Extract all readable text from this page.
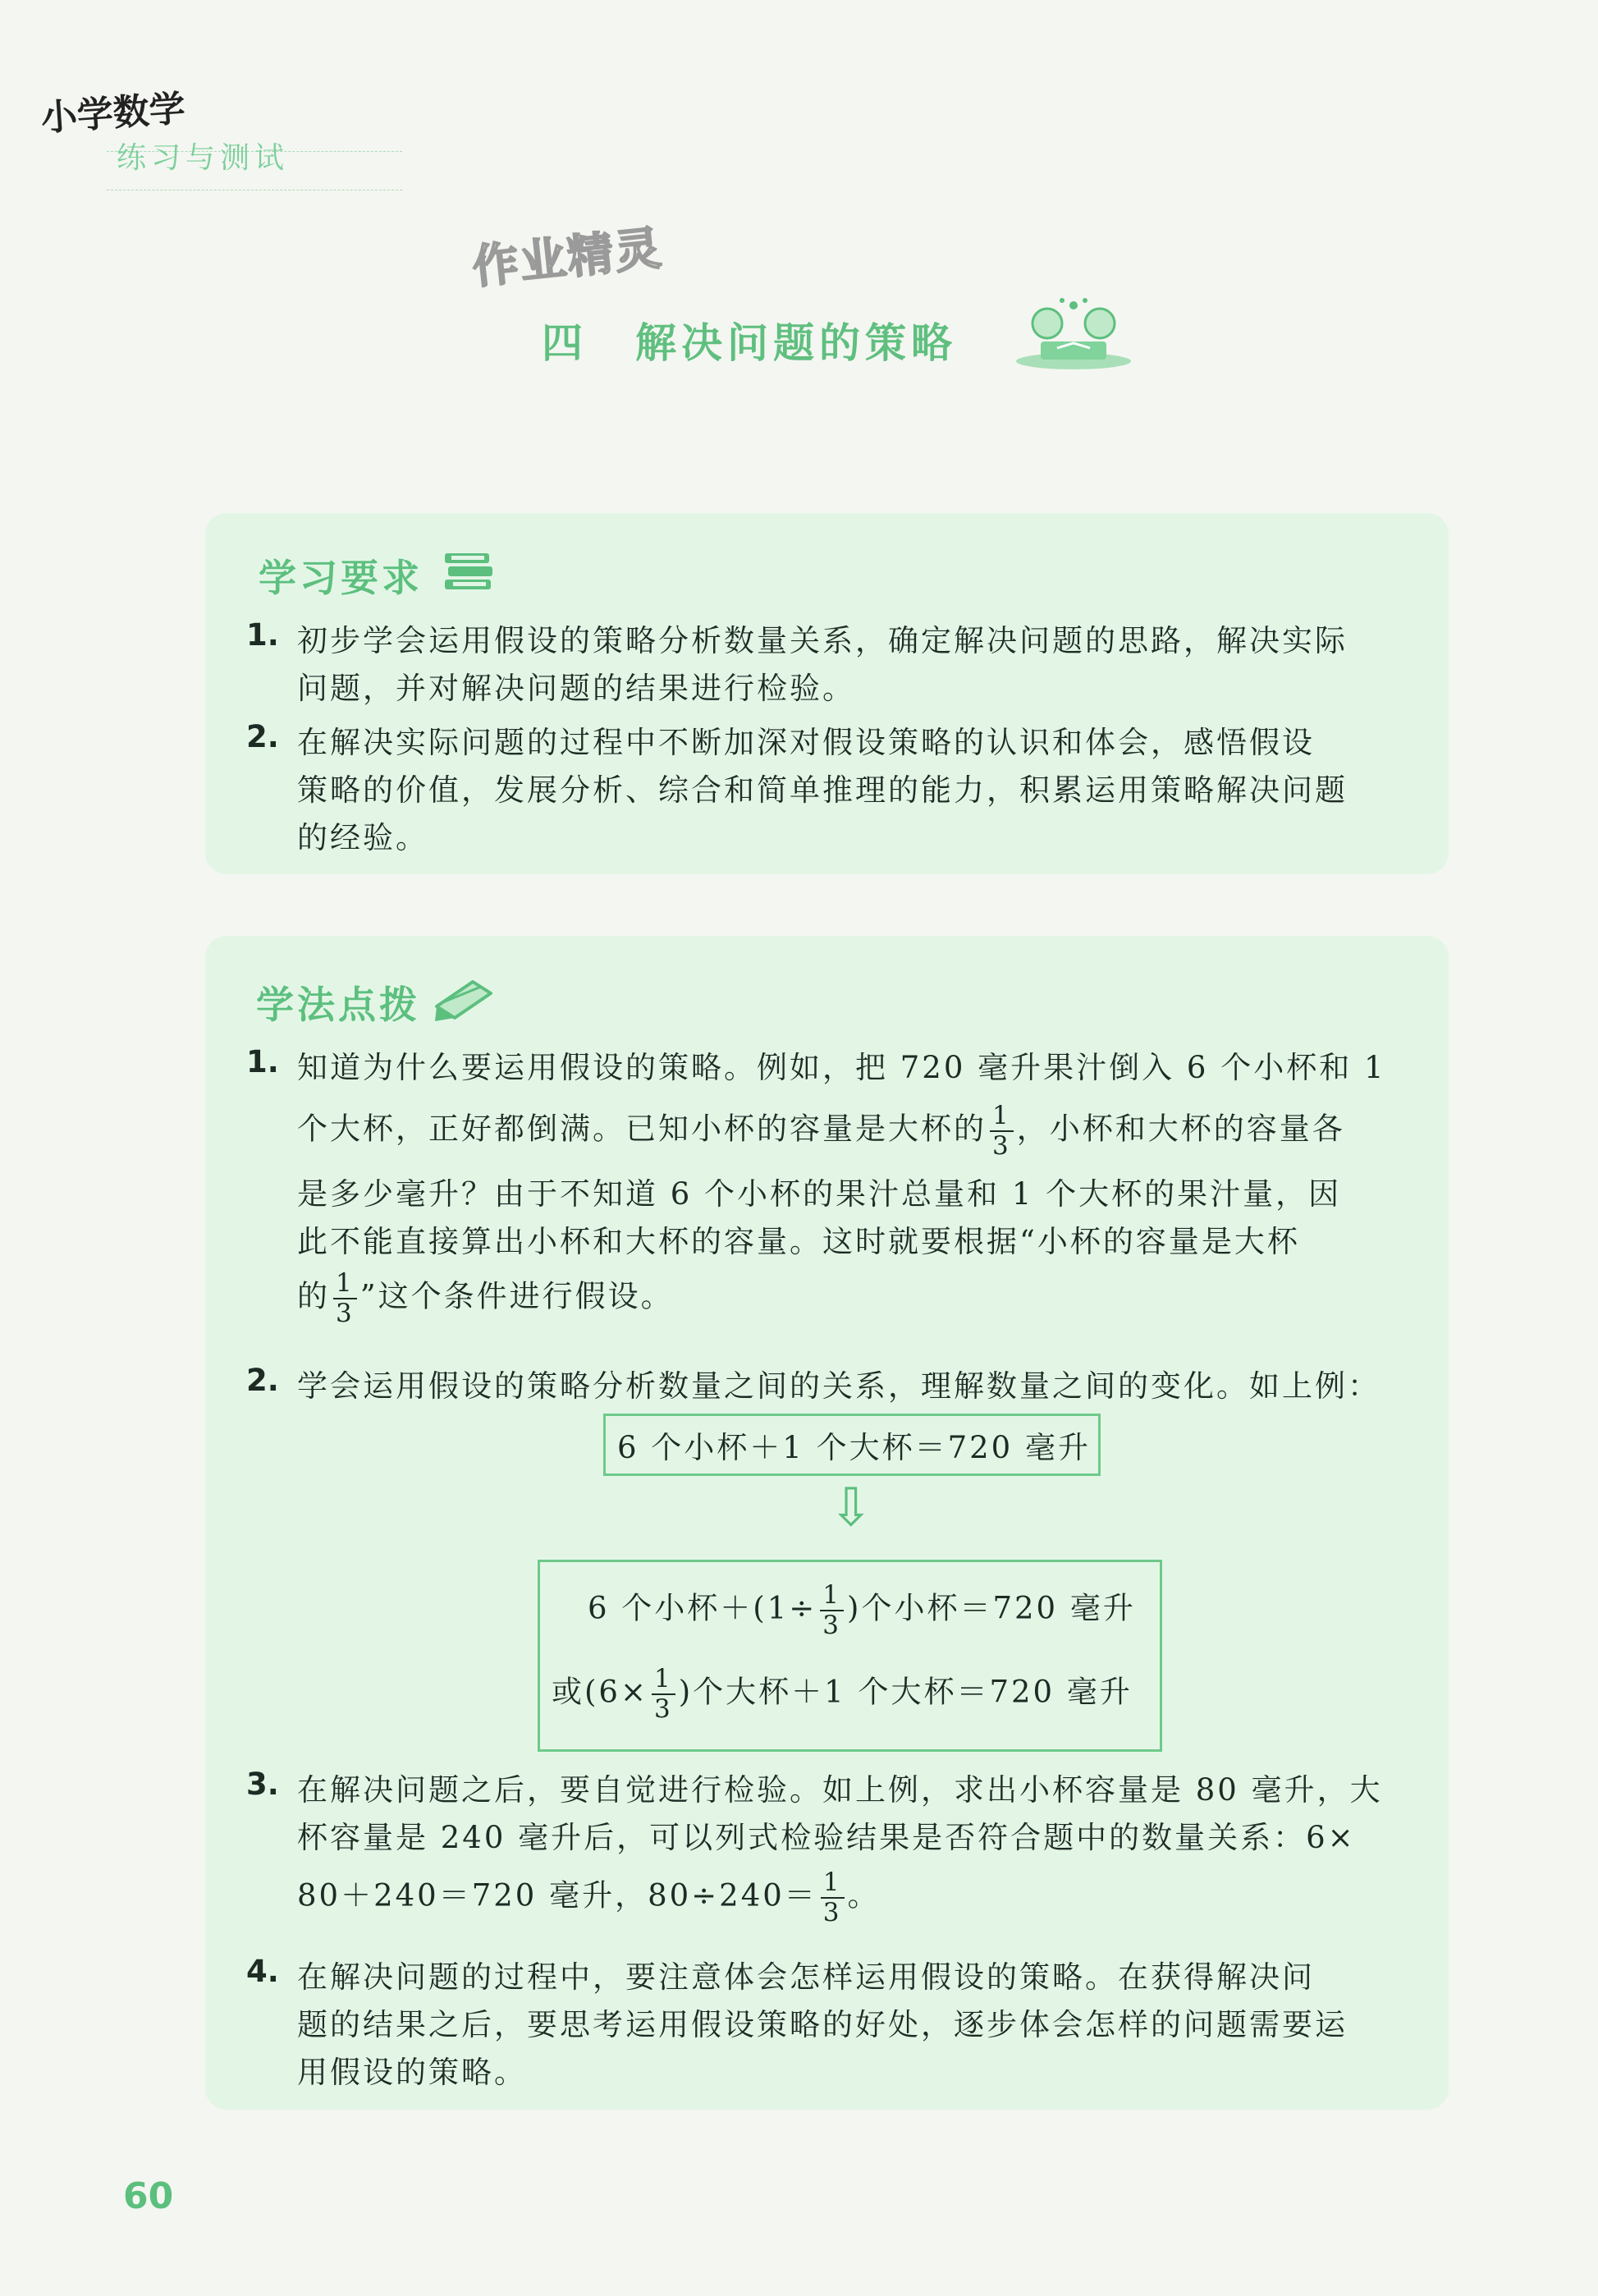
小学数学
练习与测试
作业精灵
四 解决问题的策略
学习要求
1. 初步学会运用假设的策略分析数量关系，确定解决问题的思路，解决实际
问题，并对解决问题的结果进行检验。
2. 在解决实际问题的过程中不断加深对假设策略的认识和体会，感悟假设
策略的价值，发展分析、综合和简单推理的能力，积累运用策略解决问题
的经验。
学法点拨
1. 知道为什么要运用假设的策略。例如，把 720 毫升果汁倒入 6 个小杯和 1
个大杯，正好都倒满。已知小杯的容量是大杯的 $\frac{1}{3}$ ，小杯和大杯的容量各
是多少毫升？由于不知道 6 个小杯的果汁总量和 1 个大杯的果汁量，因
此不能直接算出小杯和大杯的容量。这时就要根据“小杯的容量是大杯
的 $\frac{1}{3}$ ”这个条件进行假设。
2. 学会运用假设的策略分析数量之间的关系，理解数量之间的变化。如上例：
6 个小杯＋1 个大杯＝720 毫升
⇩
6 个小杯$+(1\div \frac{1}{3}$ )个小杯＝720 毫升
或($6\times \frac{1}{3}$ )个大杯＋1 个大杯＝720 毫升
3. 在解决问题之后，要自觉进行检验。如上例，求出小杯容量是 80 毫升，大
杯容量是 240 毫升后，可以列式检验结果是否符合题中的数量关系：6×
80＋240＝720 毫升，$80\div 240= \frac{1}{3}$ 。
4. 在解决问题的过程中，要注意体会怎样运用假设的策略。在获得解决问
题的结果之后，要思考运用假设策略的好处，逐步体会怎样的问题需要运
用假设的策略。
60
